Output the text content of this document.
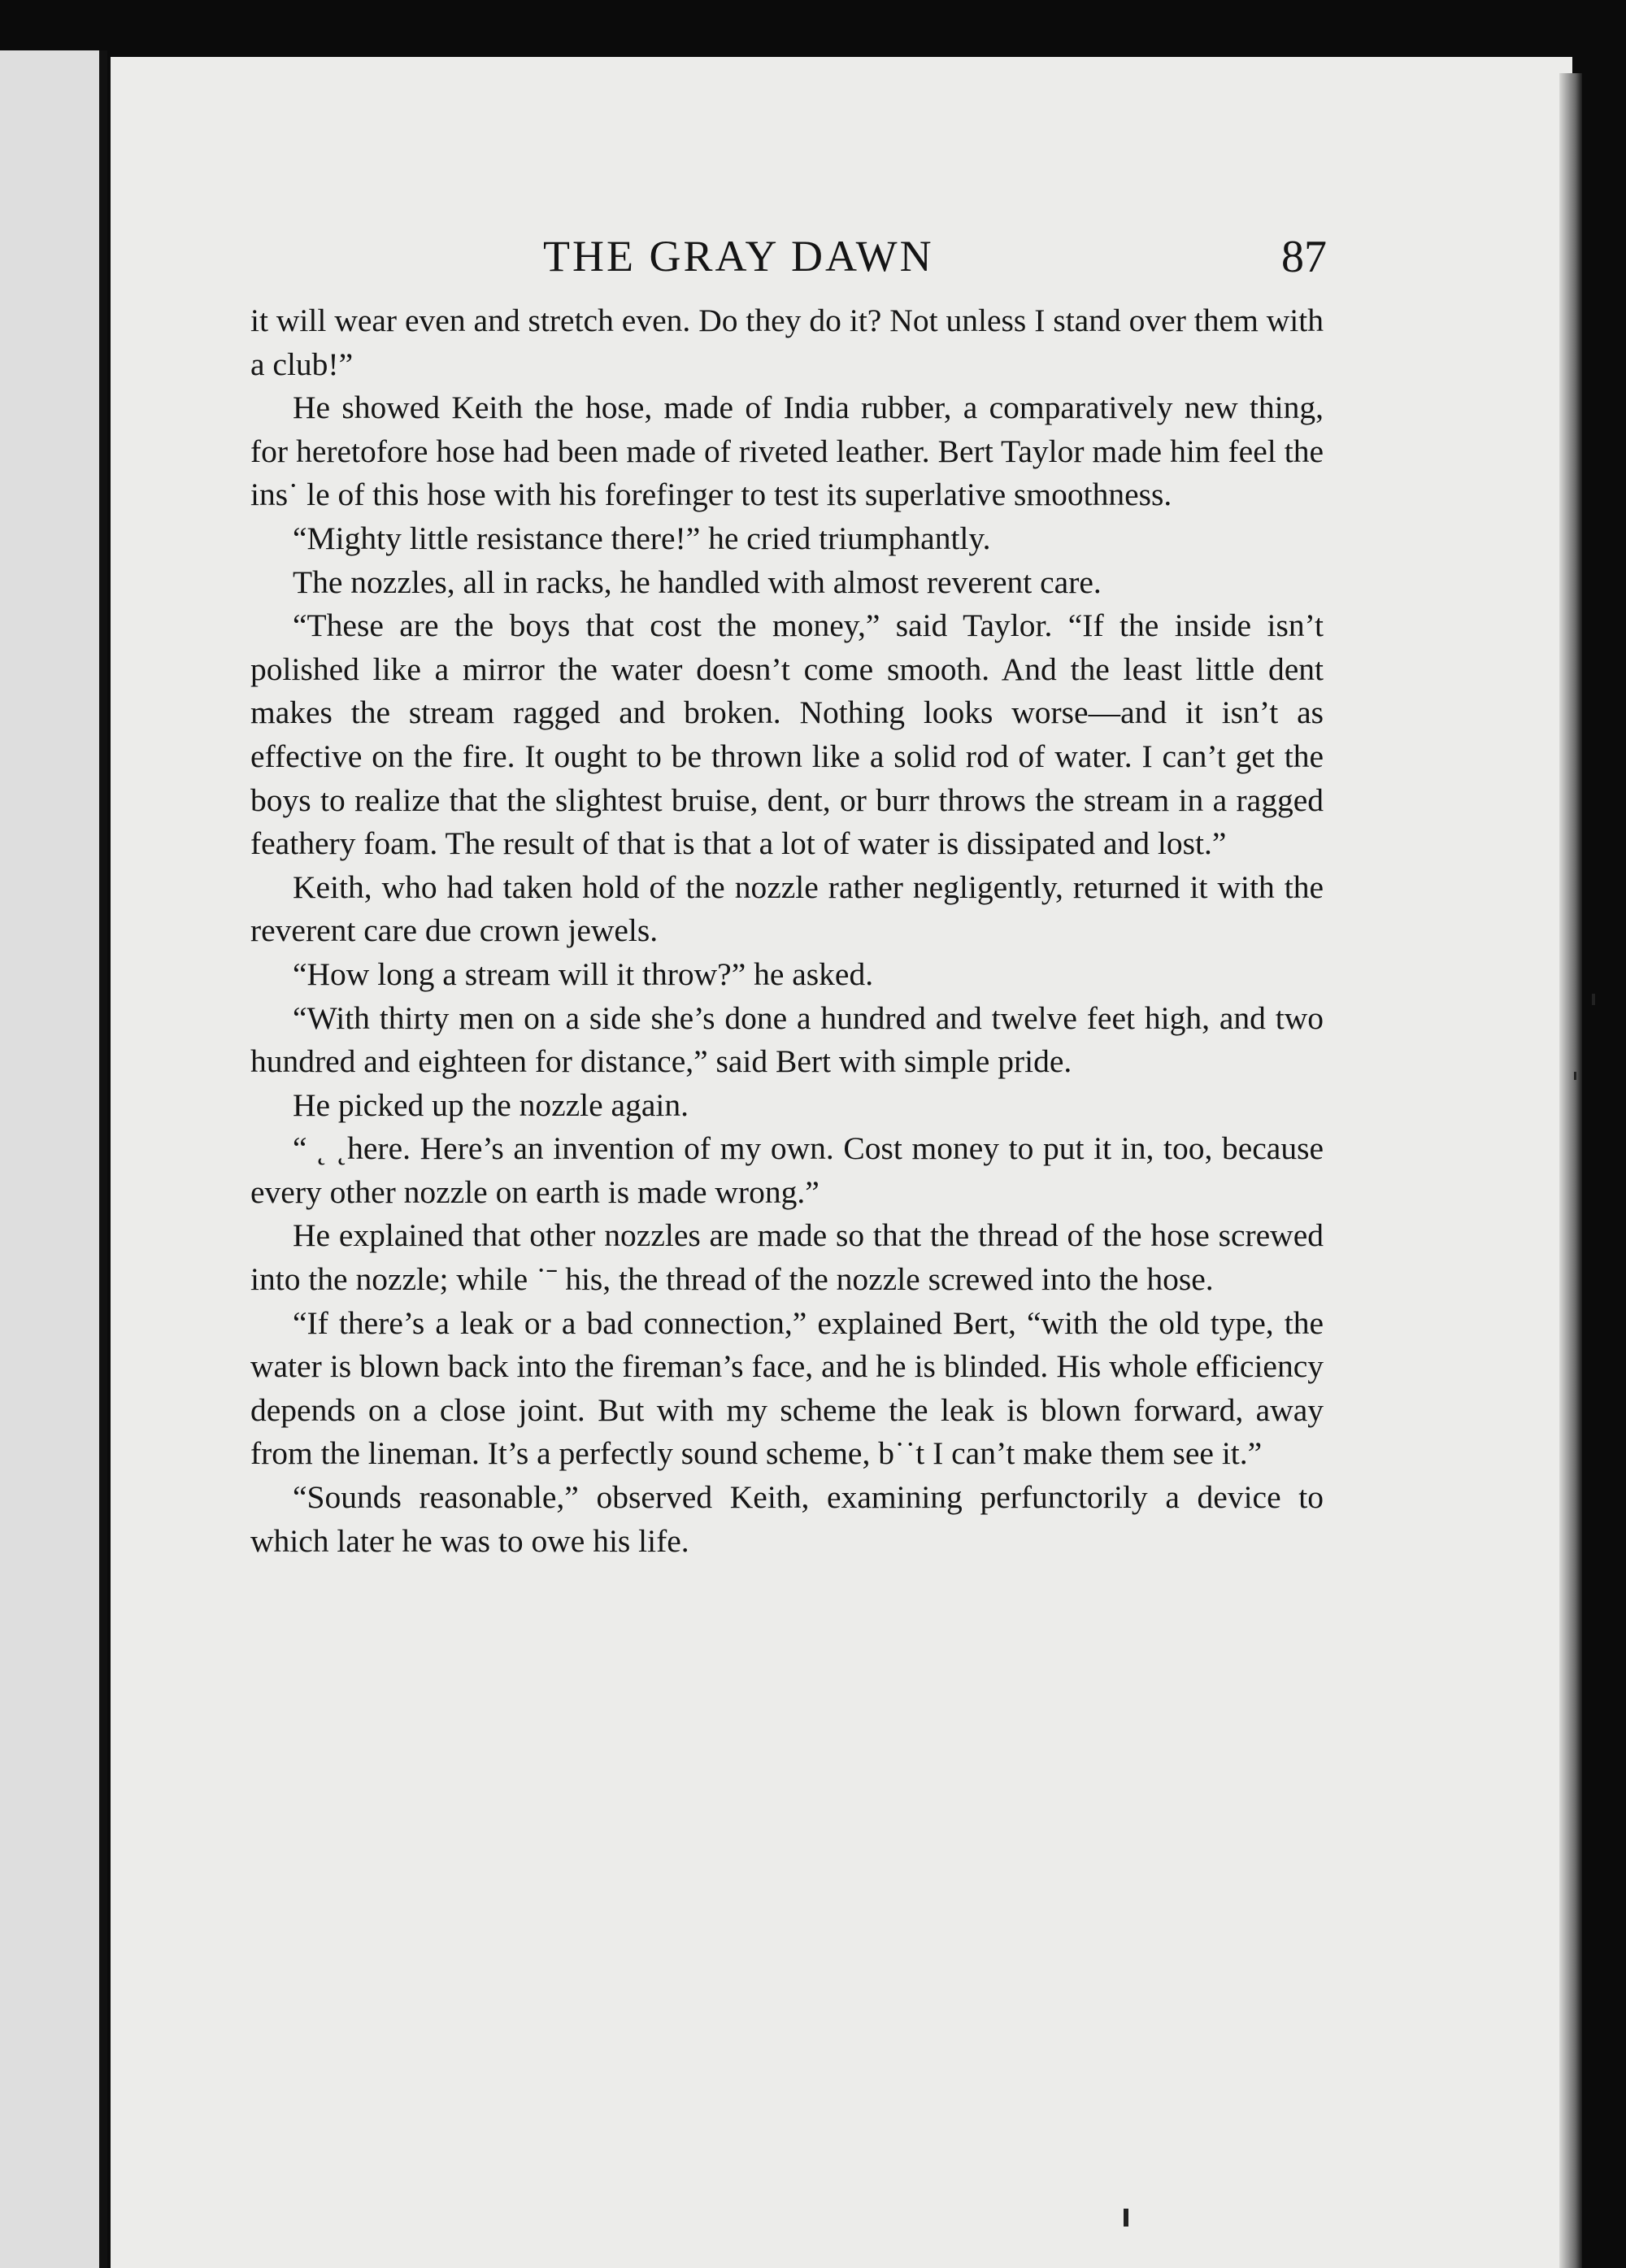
THE GRAY DAWN	87

it will wear even and stretch even. Do they do it? Not unless I stand over them with a club!”

He showed Keith the hose, made of India rubber, a comparatively new thing, for heretofore hose had been made of riveted leather. Bert Taylor made him feel the ins˙ le of this hose with his forefinger to test its superlative smoothness.

“Mighty little resistance there!” he cried triumphantly.

The nozzles, all in racks, he handled with almost reverent care.

“These are the boys that cost the money,” said Taylor. “If the inside isn’t polished like a mirror the water doesn’t come smooth. And the least little dent makes the stream ragged and broken. Nothing looks worse—and it isn’t as effective on the fire. It ought to be thrown like a solid rod of water. I can’t get the boys to realize that the slightest bruise, dent, or burr throws the stream in a ragged feathery foam. The result of that is that a lot of water is dissipated and lost.”

Keith, who had taken hold of the nozzle rather negligently, returned it with the reverent care due crown jewels.

“How long a stream will it throw?” he asked.

“With thirty men on a side she’s done a hundred and twelve feet high, and two hundred and eighteen for distance,” said Bert with simple pride.

He picked up the nozzle again.

“ ˛ ˛here. Here’s an invention of my own. Cost money to put it in, too, because every other nozzle on earth is made wrong.”

He explained that other nozzles are made so that the thread of the hose screwed into the nozzle; while ˙ˉ his, the thread of the nozzle screwed into the hose.

“If there’s a leak or a bad connection,” explained Bert, “with the old type, the water is blown back into the fireman’s face, and he is blinded. His whole efficiency depends on a close joint. But with my scheme the leak is blown forward, away from the lineman. It’s a perfectly sound scheme, b˙˙t I can’t make them see it.”

“Sounds reasonable,” observed Keith, examining perfunctorily a device to which later he was to owe his life.
